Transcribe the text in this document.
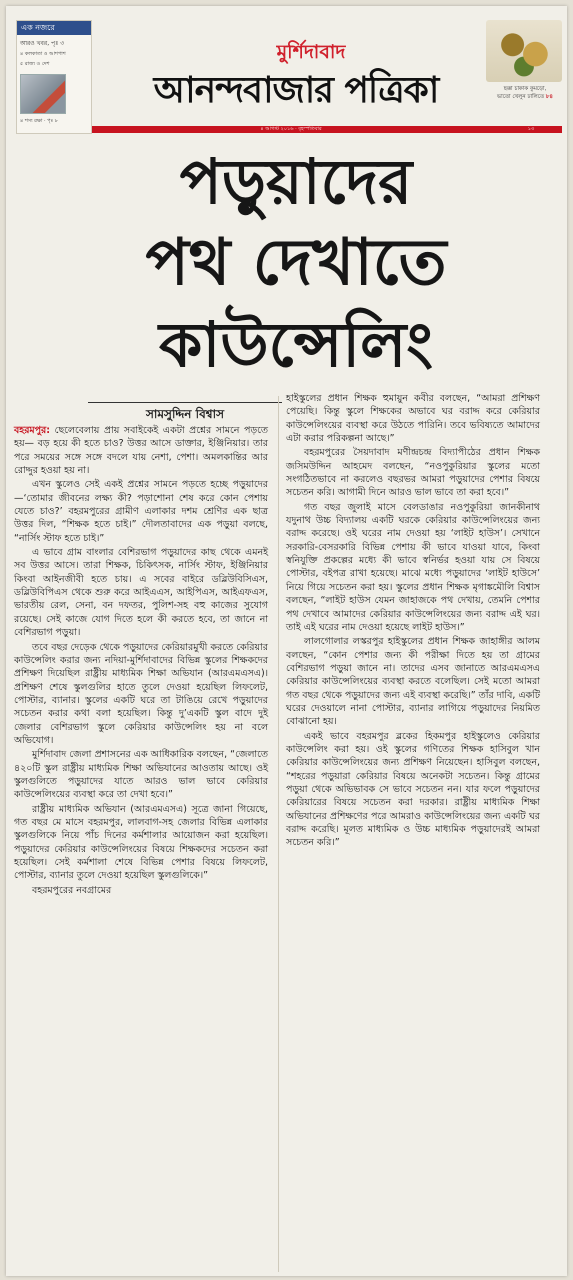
এক নজরে
আরও খবর, পৃঃ ৩
৪ কলকাতা ও আশপাশ
৫ রাজ্য ও দেশ
৪ শস্য রক্ষা · পৃঃ ৮
মুর্শিদাবাদ
আনন্দবাজার পত্রিকা	ছক্কা চাকাক কুমড়ো,
ভাতো খেলুন ঢালিতে ৮৪
৪ আগস্ট ২০১৬ · বৃহস্পতিবার	১৩
পড়ুয়াদের
পথ দেখাতে
কাউন্সেলিং
সামসুদ্দিন বিশ্বাস

বহরমপুর: ছেলেবেলায় প্রায় সবাইকেই একটা প্রশ্নের সামনে পড়তে হয়— বড় হয়ে কী হতে চাও? উত্তর আসে ডাক্তার, ইঞ্জিনিয়ার। তার পরে সময়ের সঙ্গে সঙ্গে বদলে যায় নেশা, পেশা। অমলকান্তির আর রোদ্দুর হওয়া হয় না।

এখন স্কুলেও সেই একই প্রশ্নের সামনে পড়তে হচ্ছে পড়ুয়াদের—‘তোমার জীবনের লক্ষ্য কী? পড়াশোনা শেষ করে কোন পেশায় যেতে চাও?’ বহরমপুরের গ্রামীণ এলাকার দশম শ্রেণির এক ছাত্র উত্তর দিল, “শিক্ষক হতে চাই।” দৌলতাবাদের এক পড়ুয়া বলছে, “নার্সিং স্টাফ হতে চাই।”

এ ভাবে গ্রাম বাংলার বেশিরভাগ পড়ুয়াদের কাছ থেকে এমনই সব উত্তর আসে। তারা শিক্ষক, চিকিৎসক, নার্সিং স্টাফ, ইঞ্জিনিয়ার কিংবা আইনজীবী হতে চায়। এ সবের বাইরে ডব্লিউবিসিএস, ডব্লিউবিপিএস থেকে শুরু করে আইএএস, আইপিএস, আইএফএস, ভারতীয় রেল, সেনা, বন দফতর, পুলিশ-সহ বহু কাজের সুযোগ রয়েছে। সেই কাজে যোগ দিতে হলে কী করতে হবে, তা জানে না বেশিরভাগ পড়ুয়া।

তবে বছর দেড়েক থেকে পড়ুয়াদের কেরিয়ারমুখী করতে কেরিয়ার কাউন্সেলিং করার জন্য নদিয়া-মুর্শিদাবাদের বিভিন্ন স্কুলের শিক্ষকদের প্রশিক্ষণ দিয়েছিল রাষ্ট্রীয় মাধ্যমিক শিক্ষা অভিযান (আরএমএসএ)। প্রশিক্ষণ শেষে স্কুলগুলির হাতে তুলে দেওয়া হয়েছিল লিফলেট, পোস্টার, ব্যানার। স্কুলের একটি ঘরে তা টাঙিয়ে রেখে পড়ুয়াদের সচেতন করার কথা বলা হয়েছিল। কিন্তু দু’একটি স্কুল বাদে দুই জেলার বেশিরভাগ স্কুলে কেরিয়ার কাউন্সেলিং হয় না বলে অভিযোগ।

মুর্শিদাবাদ জেলা প্রশাসনের এক আধিকারিক বলছেন, “জেলাতে ৪২০টি স্কুল রাষ্ট্রীয় মাধ্যমিক শিক্ষা অভিযানের আওতায় আছে। ওই স্কুলগুলিতে পড়ুয়াদের যাতে আরও ভাল ভাবে কেরিয়ার কাউন্সেলিংয়ের ব্যবস্থা করে তা দেখা হবে।”

রাষ্ট্রীয় মাধ্যমিক অভিযান (আরএমএসএ) সূত্রে জানা গিয়েছে, গত বছর মে মাসে বহরমপুর, লালবাগ-সহ জেলার বিভিন্ন এলাকার স্কুলগুলিকে নিয়ে পাঁচ দিনের কর্মশালার আয়োজন করা হয়েছিল। পড়ুয়াদের কেরিয়ার কাউন্সেলিংয়ের বিষয়ে শিক্ষকদের সচেতন করা হয়েছিল। সেই কর্মশালা শেষে বিভিন্ন পেশার বিষয়ে লিফলেট, পোস্টার, ব্যানার তুলে দেওয়া হয়েছিল স্কুলগুলিকে।”

বহরমপুরের নবগ্রামের

হাইস্কুলের প্রধান শিক্ষক হুমায়ুন কবীর বলছেন, “আমরা প্রশিক্ষণ পেয়েছি। কিন্তু স্কুলে শিক্ষকের অভাবে ঘর বরাদ্দ করে কেরিয়ার কাউন্সেলিংয়ের ব্যবস্থা করে উঠতে পারিনি। তবে ভবিষ্যতে আমাদের এটা করার পরিকল্পনা আছে।”

বহরমপুরের সৈয়দাবাদ মণীন্দ্রচন্দ্র বিদ্যাপীঠের প্রধান শিক্ষক জসিমউদ্দিন আহমেদ বলছেন, “নওপুকুরিয়ার স্কুলের মতো সংগঠিতভাবে না করলেও বছরভর আমরা পড়ুয়াদের পেশার বিষয়ে সচেতন করি। আগামী দিনে আরও ভাল ভাবে তা করা হবে।”

গত বছর জুলাই মাসে বেলডাঙার নওপুকুরিয়া জানকীনাথ যদুনাথ উচ্চ বিদ্যালয় একটি ঘরকে কেরিয়ার কাউন্সেলিংয়ের জন্য বরাদ্দ করেছে। ওই ঘরের নাম দেওয়া হয় ‘লাইট হাউস’। সেখানে সরকারি-বেসরকারি বিভিন্ন পেশায় কী ভাবে যাওয়া যাবে, কিংবা স্বনিযুক্তি প্রকল্পের মধ্যে কী ভাবে স্বনির্ভর হওয়া যায় সে বিষয়ে পোস্টার, বইপত্র রাখা হয়েছে। মাঝে মধ্যে পড়ুয়াদের ‘লাইট হাউসে’ নিয়ে গিয়ে সচেতন করা হয়। স্কুলের প্রধান শিক্ষক মৃগাঙ্কমৌলি বিশ্বাস বলছেন, “লাইট হাউস যেমন জাহাজকে পথ দেখায়, তেমনি পেশার পথ দেখাবে আমাদের কেরিয়ার কাউন্সেলিংয়ের জন্য বরাদ্দ এই ঘর। তাই এই ঘরের নাম দেওয়া হয়েছে লাইট হাউস।”

লালগোলার লস্করপুর হাইস্কুলের প্রধান শিক্ষক জাহাঙ্গীর আলম বলছেন, “কোন পেশার জন্য কী পরীক্ষা দিতে হয় তা গ্রামের বেশিরভাগ পড়ুয়া জানে না। তাদের এসব জানাতে আরএমএসএ কেরিয়ার কাউন্সেলিংয়ের ব্যবস্থা করতে বলেছিল। সেই মতো আমরা গত বছর থেকে পড়ুয়াদের জন্য এই ব্যবস্থা করেছি।” তাঁর দাবি, একটি ঘরের দেওয়ালে নানা পোস্টার, ব্যানার লাগিয়ে পড়ুয়াদের নিয়মিত বোঝানো হয়।

একই ভাবে বহরমপুর ব্লকের হিকমপুর হাইস্কুলেও কেরিয়ার কাউন্সেলিং করা হয়। ওই স্কুলের গণিতের শিক্ষক হাসিবুল খান কেরিয়ার কাউন্সেলিংয়ের জন্য প্রশিক্ষণ নিয়েছেন। হাসিবুল বলছেন, “শহরের পড়ুয়ারা কেরিয়ার বিষয়ে অনেকটা সচেতন। কিন্তু গ্রামের পড়ুয়া থেকে অভিভাবক সে ভাবে সচেতন নন। যার ফলে পড়ুয়াদের কেরিয়ারের বিষয়ে সচেতন করা দরকার। রাষ্ট্রীয় মাধ্যমিক শিক্ষা অভিযানের প্রশিক্ষণের পরে আমরাও কাউন্সেলিংয়ের জন্য একটি ঘর বরাদ্দ করেছি। মূলত মাধ্যমিক ও উচ্চ মাধ্যমিক পড়ুয়াদেরই আমরা সচেতন করি।”
